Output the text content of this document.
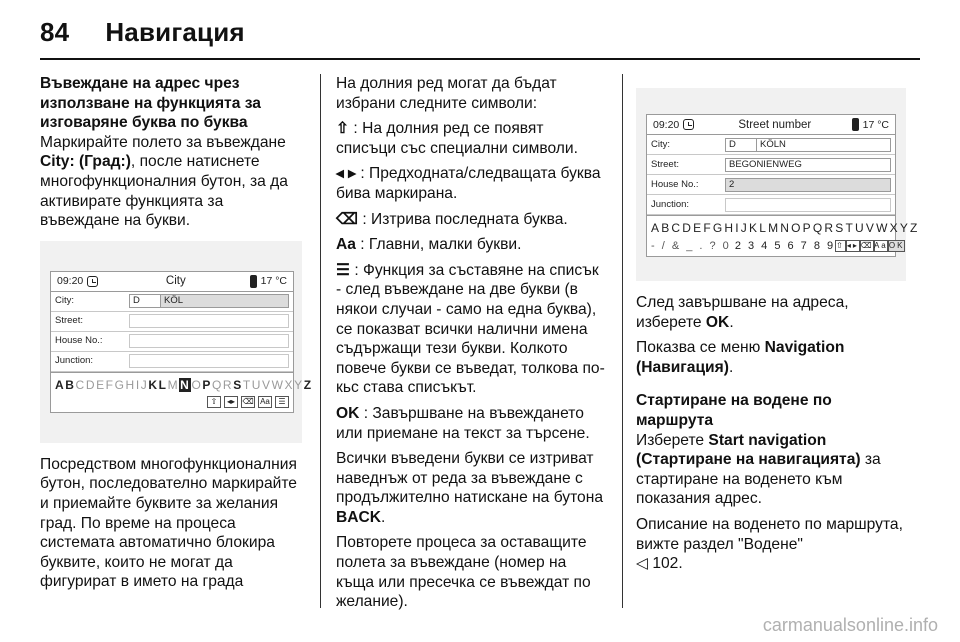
84 Навигация
Въвеждане на адрес чрез използване на функцията за изговаряне буква по буква

Маркирайте полето за въвеждане City: (Град:), после натиснете многофункционалния бутон, за да активирате функцията за въвеждане на букви.

09:20	City	17 °C
City:	D	KÖL
Street:
House No.:
Junction:
ABCDEFGHIJKLMNOPQRSTUVWXYZ
⇧	◂▸ ⌫ Aa	☰

Посредством многофункционалния бутон, последователно маркирайте и приемайте буквите за желания град. По време на процеса системата автоматично блокира буквите, които не могат да фигурират в името на града

На долния ред могат да бъдат избрани следните символи:

⇧ : На долния ред се появят списъци със специални символи.

◂ ▸ : Предходната/следващата буква бива маркирана.

⌫ : Изтрива последната буква.

Aa : Главни, малки букви.

☰ : Функция за съставяне на списък - след въвеждане на две букви (в някои случаи - само на една буква), се показват всички налични имена съдържащи тези букви. Колкото повече букви се въведат, толкова по-кьс става списъкът.

OK : Завършване на въвеждането или приемане на текст за търсене.

Всички въведени букви се изтриват наведнъж от реда за въвеждане с продължително натискане на бутона BACK.

Повторете процеса за оставащите полета за въвеждане (номер на къща или пресечка се въвеждат по желание).

09:20	Street number	17 °C
City:	D	KÖLN
Street:	BEGONIENWEG
House No.:	2
Junction:
ABCDEFGHIJKLMNOPQRSTUVWXYZ
- / & _ . ? 0 2 3 4 5 6 7 8 9 ⇧ ◂▸ ⌫ Aa OK

След завършване на адреса, изберете OK.

Показва се меню Navigation (Навигация).

Стартиране на водене по маршрута

Изберете Start navigation (Стартиране на навигацията) за стартиране на воденето към показания адрес.

Описание на воденето по маршрута, вижте раздел "Водене"
◁ 102.

carmanualsonline.info
